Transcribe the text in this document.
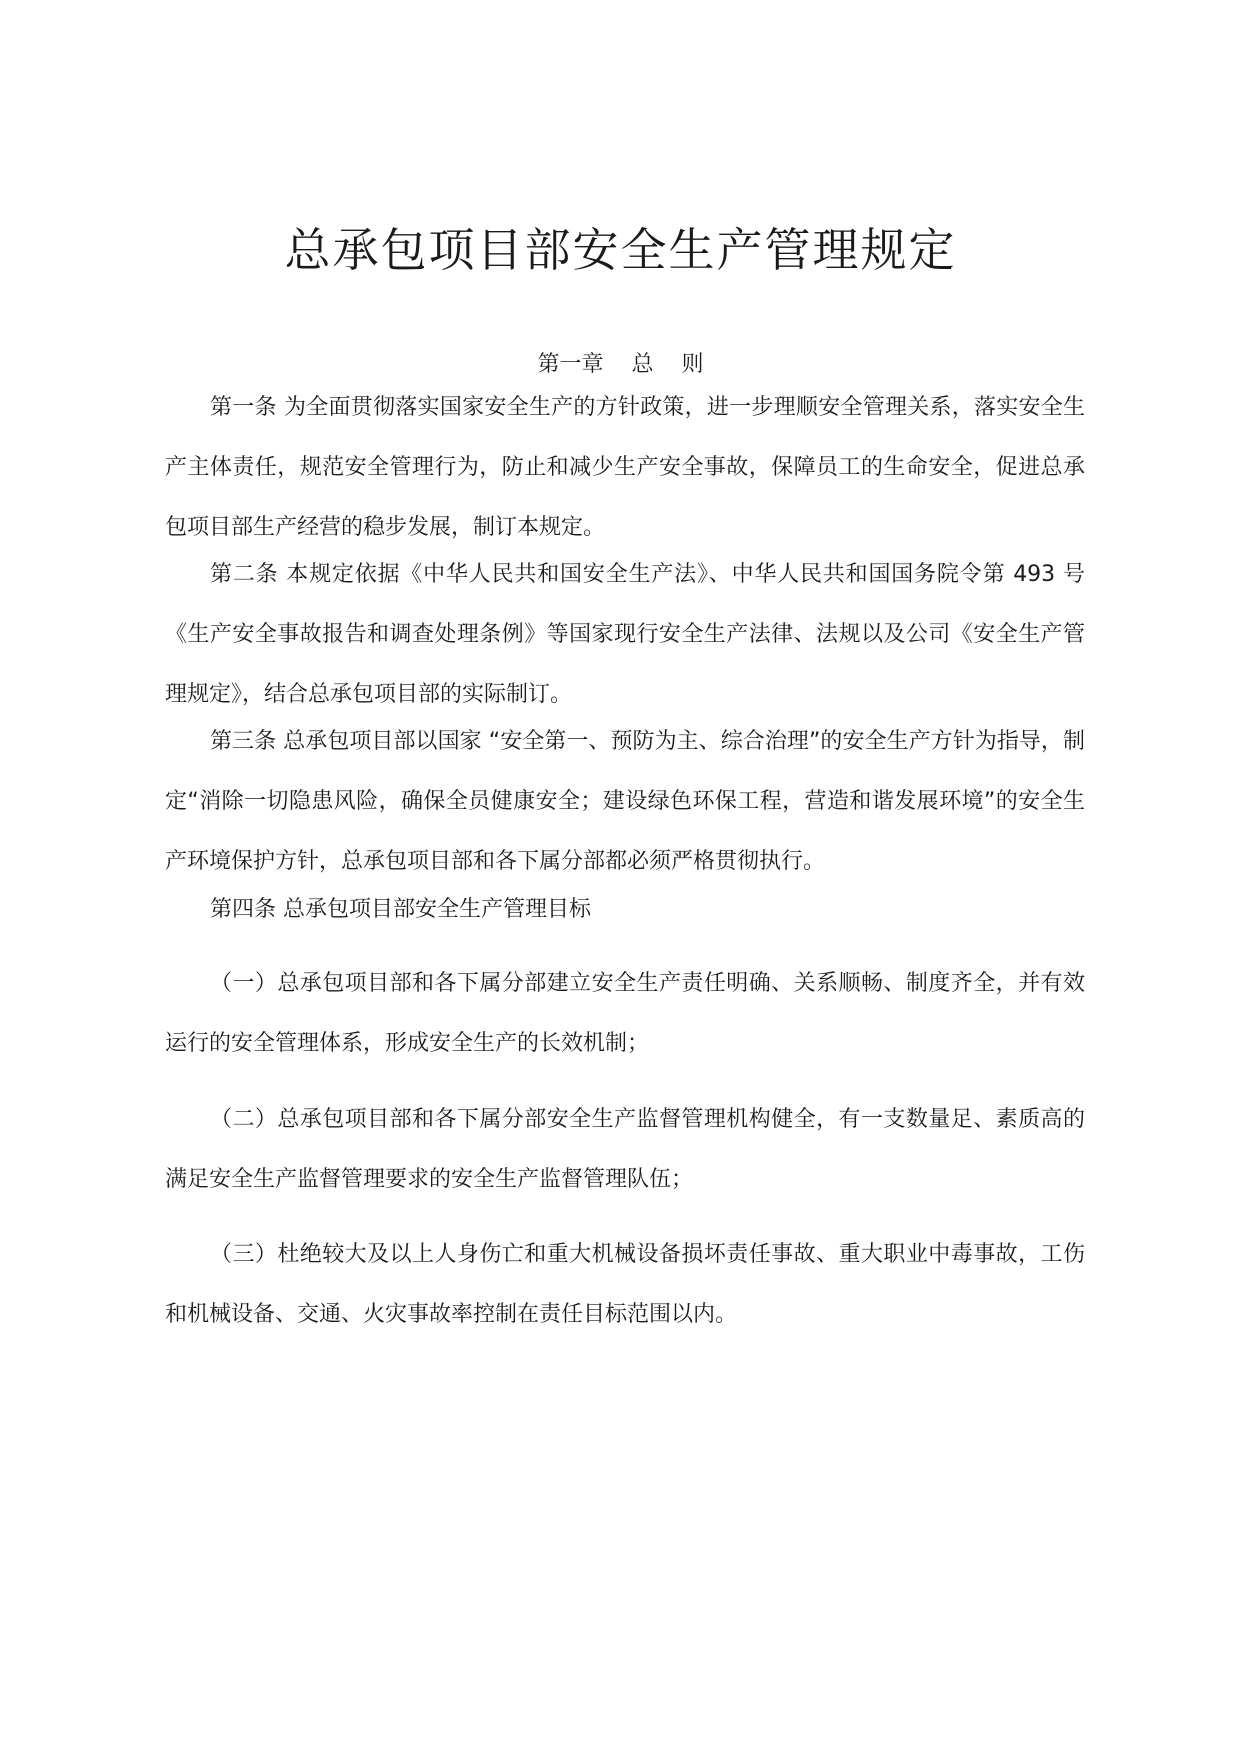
总承包项目部安全生产管理规定
第一章    总    则

第一条 为全面贯彻落实国家安全生产的方针政策，进一步理顺安全管理关系，落实安全生产主体责任，规范安全管理行为，防止和减少生产安全事故，保障员工的生命安全，促进总承包项目部生产经营的稳步发展，制订本规定。

第二条 本规定依据《中华人民共和国安全生产法》、中华人民共和国国务院令第 493 号《生产安全事故报告和调查处理条例》等国家现行安全生产法律、法规以及公司《安全生产管理规定》，结合总承包项目部的实际制订。

第三条 总承包项目部以国家 “安全第一、预防为主、综合治理”的安全生产方针为指导，制定“消除一切隐患风险，确保全员健康安全；建设绿色环保工程，营造和谐发展环境”的安全生产环境保护方针，总承包项目部和各下属分部都必须严格贯彻执行。

第四条 总承包项目部安全生产管理目标

（一）总承包项目部和各下属分部建立安全生产责任明确、关系顺畅、制度齐全，并有效运行的安全管理体系，形成安全生产的长效机制；

（二）总承包项目部和各下属分部安全生产监督管理机构健全，有一支数量足、素质高的满足安全生产监督管理要求的安全生产监督管理队伍；

（三）杜绝较大及以上人身伤亡和重大机械设备损坏责任事故、重大职业中毒事故，工伤和机械设备、交通、火灾事故率控制在责任目标范围以内。
